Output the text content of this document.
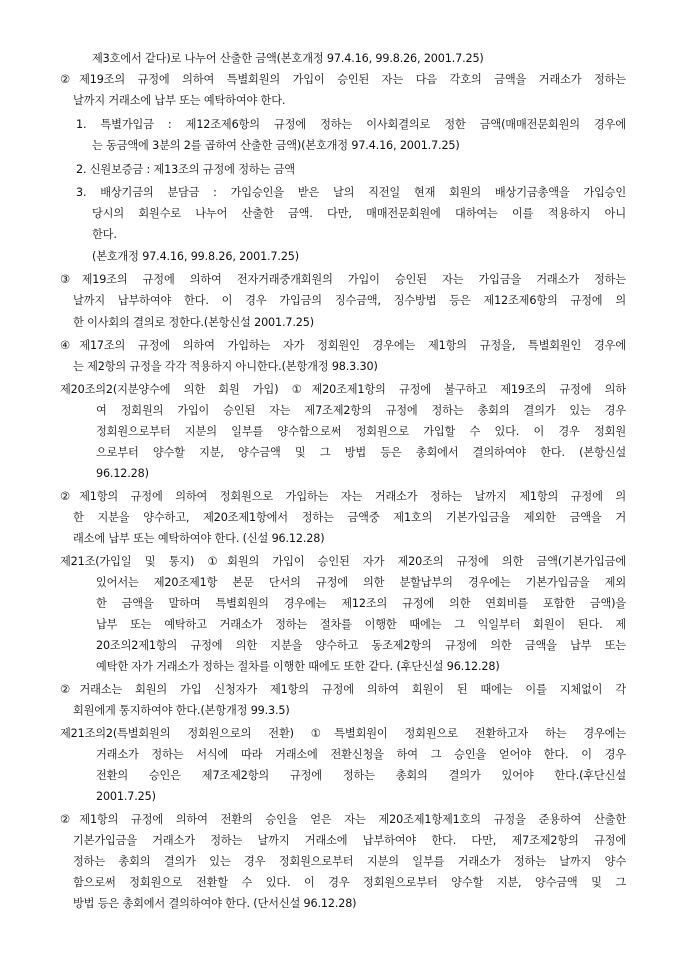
제3호에서 같다)로 나누어 산출한 금액(본호개정 97.4.16, 99.8.26, 2001.7.25)
②제19조의 규정에 의하여 특별회원의 가입이 승인된 자는 다음 각호의 금액을 거래소가 정하는
날까지 거래소에 납부 또는 예탁하여야 한다.
1. 특별가입금 : 제12조제6항의 규정에 정하는 이사회결의로 정한 금액(매매전문회원의 경우에
는 동금액에 3분의 2를 곱하여 산출한 금액)(본호개정 97.4.16, 2001.7.25)
2. 신원보증금 : 제13조의 규정에 정하는 금액
3. 배상기금의 분담금 : 가입승인을 받은 날의 직전일 현재 회원의 배상기금총액을 가입승인
당시의 회원수로 나누어 산출한 금액. 다만, 매매전문회원에 대하여는 이를 적용하지 아니
한다.
(본호개정 97.4.16, 99.8.26, 2001.7.25)
③제19조의 규정에 의하여 전자거래중개회원의 가입이 승인된 자는 가입금을 거래소가 정하는
날까지 납부하여야 한다. 이 경우 가입금의 징수금액, 징수방법 등은 제12조제6항의 규정에 의
한 이사회의 결의로 정한다.(본항신설 2001.7.25)
④제17조의 규정에 의하여 가입하는 자가 정회원인 경우에는 제1항의 규정을, 특별회원인 경우에
는 제2항의 규정을 각각 적용하지 아니한다.(본항개정 98.3.30)
제20조의2(지분양수에 의한 회원 가입) ①제20조제1항의 규정에 불구하고 제19조의 규정에 의하
여 정회원의 가입이 승인된 자는 제7조제2항의 규정에 정하는 총회의 결의가 있는 경우
정회원으로부터 지분의 일부를 양수함으로써 정회원으로 가입할 수 있다. 이 경우 정회원
으로부터 양수할 지분, 양수금액 및 그 방법 등은 총회에서 결의하여야 한다. (본항신설
96.12.28)
②제1항의 규정에 의하여 정회원으로 가입하는 자는 거래소가 정하는 날까지 제1항의 규정에 의
한 지분을 양수하고, 제20조제1항에서 정하는 금액중 제1호의 기본가입금을 제외한 금액을 거
래소에 납부 또는 예탁하여야 한다. (신설 96.12.28)
제21조(가입일 및 통지) ①회원의 가입이 승인된 자가 제20조의 규정에 의한 금액(기본가입금에
있어서는 제20조제1항 본문 단서의 규정에 의한 분할납부의 경우에는 기본가입금을 제외
한 금액을 말하며 특별회원의 경우에는 제12조의 규정에 의한 연회비를 포함한 금액)을
납부 또는 예탁하고 거래소가 정하는 절차를 이행한 때에는 그 익일부터 회원이 된다. 제
20조의2제1항의 규정에 의한 지분을 양수하고 동조제2항의 규정에 의한 금액을 납부 또는
예탁한 자가 거래소가 정하는 절차를 이행한 때에도 또한 같다. (후단신설 96.12.28)
②거래소는 회원의 가입 신청자가 제1항의 규정에 의하여 회원이 된 때에는 이를 지체없이 각
회원에게 통지하여야 한다.(본항개정 99.3.5)
제21조의2(특별회원의 정회원으로의 전환) ①특별회원이 정회원으로 전환하고자 하는 경우에는
거래소가 정하는 서식에 따라 거래소에 전환신청을 하여 그 승인을 얻어야 한다. 이 경우
전환의 승인은 제7조제2항의 규정에 정하는 총회의 결의가 있어야 한다.(후단신설
2001.7.25)
②제1항의 규정에 의하여 전환의 승인을 얻은 자는 제20조제1항제1호의 규정을 준용하여 산출한
기본가입금을 거래소가 정하는 날까지 거래소에 납부하여야 한다. 다만, 제7조제2항의 규정에
정하는 총회의 결의가 있는 경우 정회원으로부터 지분의 일부를 거래소가 정하는 날까지 양수
함으로써 정회원으로 전환할 수 있다. 이 경우 정회원으로부터 양수할 지분, 양수금액 및 그
방법 등은 총회에서 결의하여야 한다. (단서신설 96.12.28)
